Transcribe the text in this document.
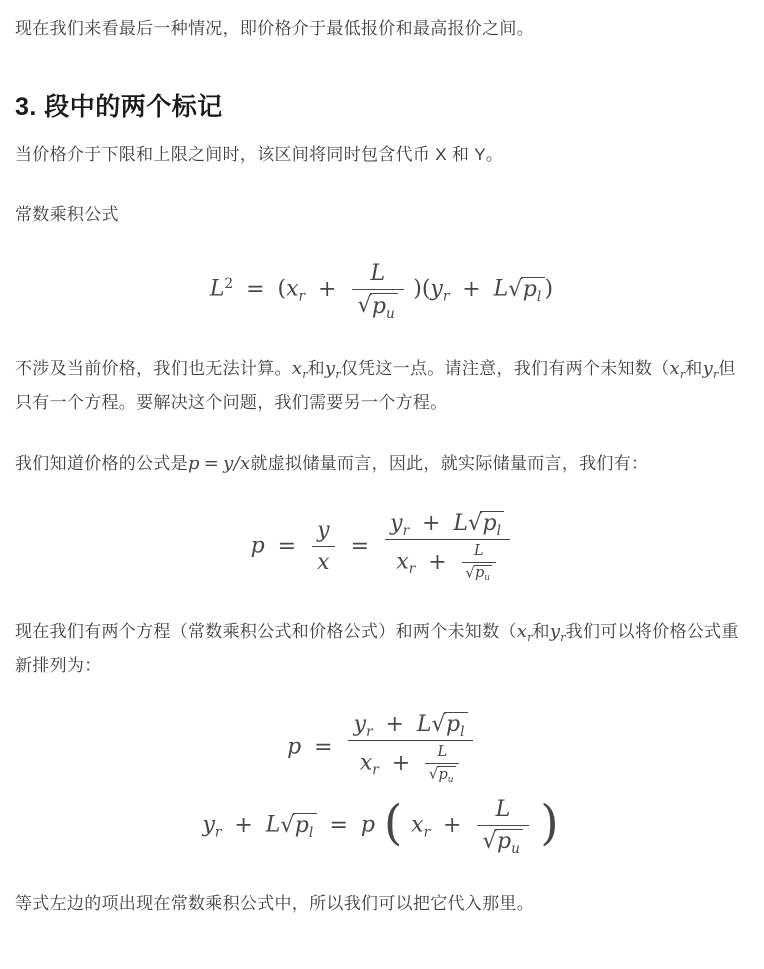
现在我们来看最后一种情况，即价格介于最低报价和最高报价之间。

3. 段中的两个标记

当价格介于下限和上限之间时，该区间将同时包含代币 X 和 Y。

常数乘积公式

$L^2 = (x_r + \frac{L}{√p_u} )(y_r + L√p_l$ )

不涉及当前价格，我们也无法计算。$x_r$和$y_r$仅凭这一点。请注意，我们有两个未知数（$x_r$和$y_r$但只有一个方程。要解决这个问题，我们需要另一个方程。

我们知道价格的公式是p = y/x就虚拟储量而言，因此，就实际储量而言，我们有：

$p = \frac{y}{x} = \frac{y_r + L√p_l}{x_r + \frac{L}{√p_u}}$

现在我们有两个方程（常数乘积公式和价格公式）和两个未知数（$x_r$和$y_r$我们可以将价格公式重新排列为：

$p = \frac{y_r + L√p_l}{x_r + \frac{L}{√p_u}}$
$y_r + L√p_l = p$ ( $x_r + \frac{L}{√p_u}$ )

等式左边的项出现在常数乘积公式中，所以我们可以把它代入那里。
